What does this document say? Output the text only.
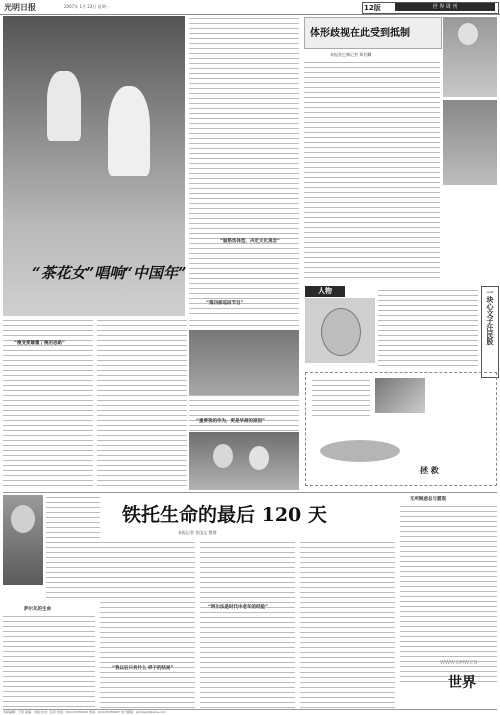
光明日报	2007年 1月 22日 星期一	12版	世 界 周 刊
“茶花女”唱响“中国年”
“瘦变要颠覆了瘦的思路”
“第四部巡回节目”
“重要我的作为，更是华商的原因”
体形歧视在此受到抵制
本报驻巴黎记者 郑若麟
“脑筋选体型，决定文化观念”
人物	一块心文子汪民股
拯 救
铁托生命的最后 120 天
本报记者 张国文 整理
萨尔瓦的生命
“我以后只有什么 样子的结局”
“阿尔法是时代中老年的经验”
无所顾虑总与愿现
WWW.GMW.CN
世界
本版编辑：王斐 美编：刘进 校对：张彤 电话：010-67078224 传真：010-67078227 电子邮箱：gmrbsjzk@sina.com
